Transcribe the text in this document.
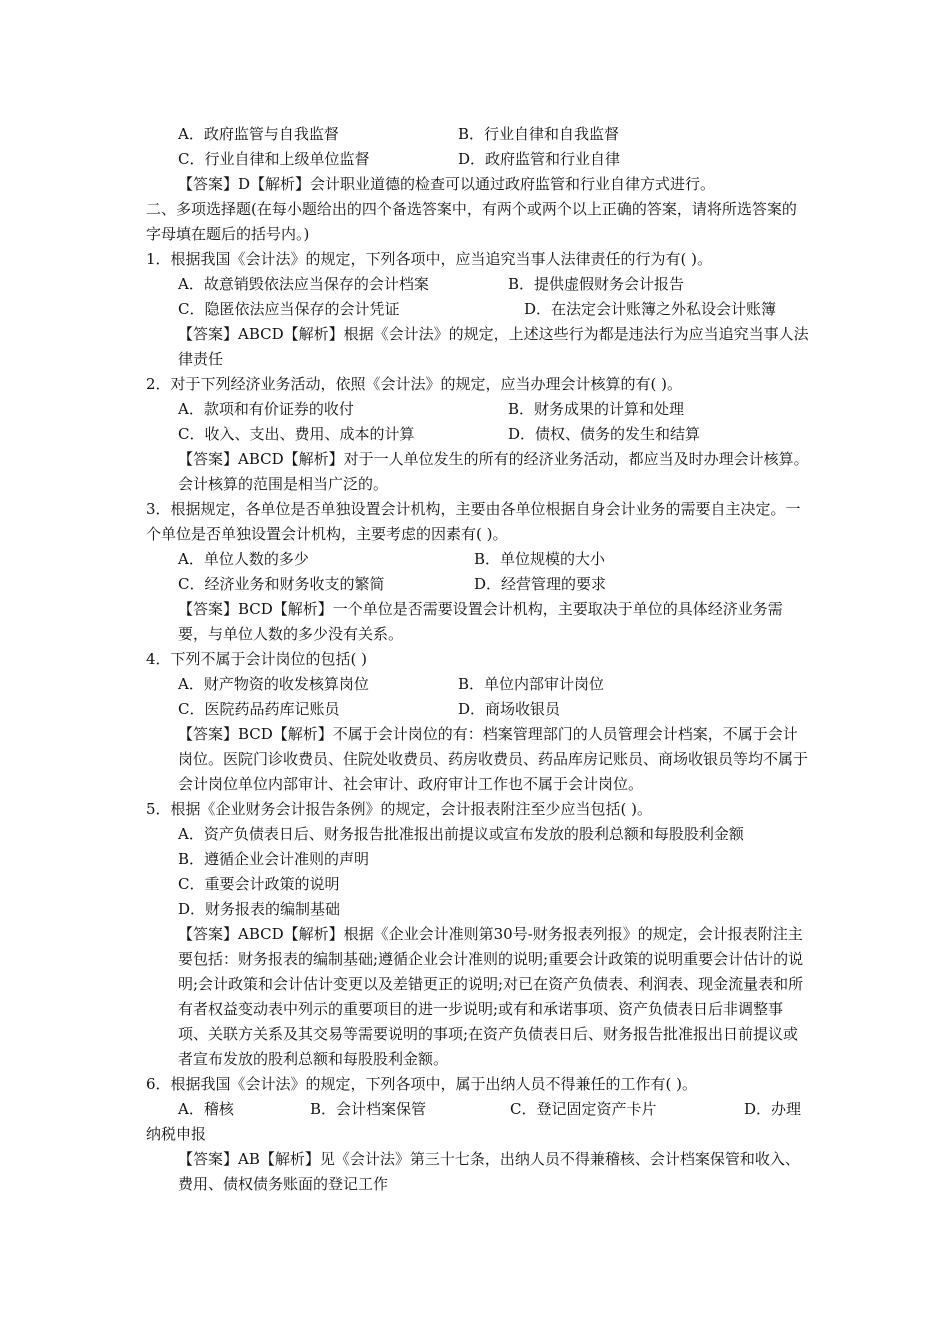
A．政府监管与自我监督	B．行业自律和自我监督
C．行业自律和上级单位监督	D．政府监管和行业自律
【答案】D【解析】会计职业道德的检查可以通过政府监管和行业自律方式进行。
二、多项选择题(在每小题给出的四个备选答案中，有两个或两个以上正确的答案，请将所选答案的字母填在题后的括号内。)
1．根据我国《会计法》的规定，下列各项中，应当追究当事人法律责任的行为有( )。
A．故意销毁依法应当保存的会计档案	B．提供虚假财务会计报告
C．隐匿依法应当保存的会计凭证	D．在法定会计账簿之外私设会计账簿
【答案】ABCD【解析】根据《会计法》的规定，上述这些行为都是违法行为应当追究当事人法律责任
2．对于下列经济业务活动，依照《会计法》的规定，应当办理会计核算的有( )。
A．款项和有价证券的收付	B．财务成果的计算和处理
C．收入、支出、费用、成本的计算	D．债权、债务的发生和结算
【答案】ABCD【解析】对于一人单位发生的所有的经济业务活动，都应当及时办理会计核算。会计核算的范围是相当广泛的。
3．根据规定，各单位是否单独设置会计机构，主要由各单位根据自身会计业务的需要自主决定。一个单位是否单独设置会计机构，主要考虑的因素有( )。
A．单位人数的多少	B．单位规模的大小
C．经济业务和财务收支的繁简	D．经营管理的要求
【答案】BCD【解析】一个单位是否需要设置会计机构，主要取决于单位的具体经济业务需要，与单位人数的多少没有关系。
4．下列不属于会计岗位的包括( )
A．财产物资的收发核算岗位	B．单位内部审计岗位
C．医院药品药库记账员	D．商场收银员
【答案】BCD【解析】不属于会计岗位的有：档案管理部门的人员管理会计档案，不属于会计岗位。医院门诊收费员、住院处收费员、药房收费员、药品库房记账员、商场收银员等均不属于会计岗位单位内部审计、社会审计、政府审计工作也不属于会计岗位。
5．根据《企业财务会计报告条例》的规定，会计报表附注至少应当包括( )。
A．资产负债表日后、财务报告批准报出前提议或宣布发放的股利总额和每股股利金额
B．遵循企业会计准则的声明
C．重要会计政策的说明
D．财务报表的编制基础
【答案】ABCD【解析】根据《企业会计准则第30号-财务报表列报》的规定，会计报表附注主要包括：财务报表的编制基础;遵循企业会计准则的说明;重要会计政策的说明重要会计估计的说明;会计政策和会计估计变更以及差错更正的说明;对已在资产负债表、利润表、现金流量表和所有者权益变动表中列示的重要项目的进一步说明;或有和承诺事项、资产负债表日后非调整事项、关联方关系及其交易等需要说明的事项;在资产负债表日后、财务报告批准报出日前提议或者宣布发放的股利总额和每股股利金额。
6．根据我国《会计法》的规定，下列各项中，属于出纳人员不得兼任的工作有( )。
A．稽核	B．会计档案保管	C．登记固定资产卡片	D．办理
纳税申报
【答案】AB【解析】见《会计法》第三十七条，出纳人员不得兼稽核、会计档案保管和收入、费用、债权债务账面的登记工作
